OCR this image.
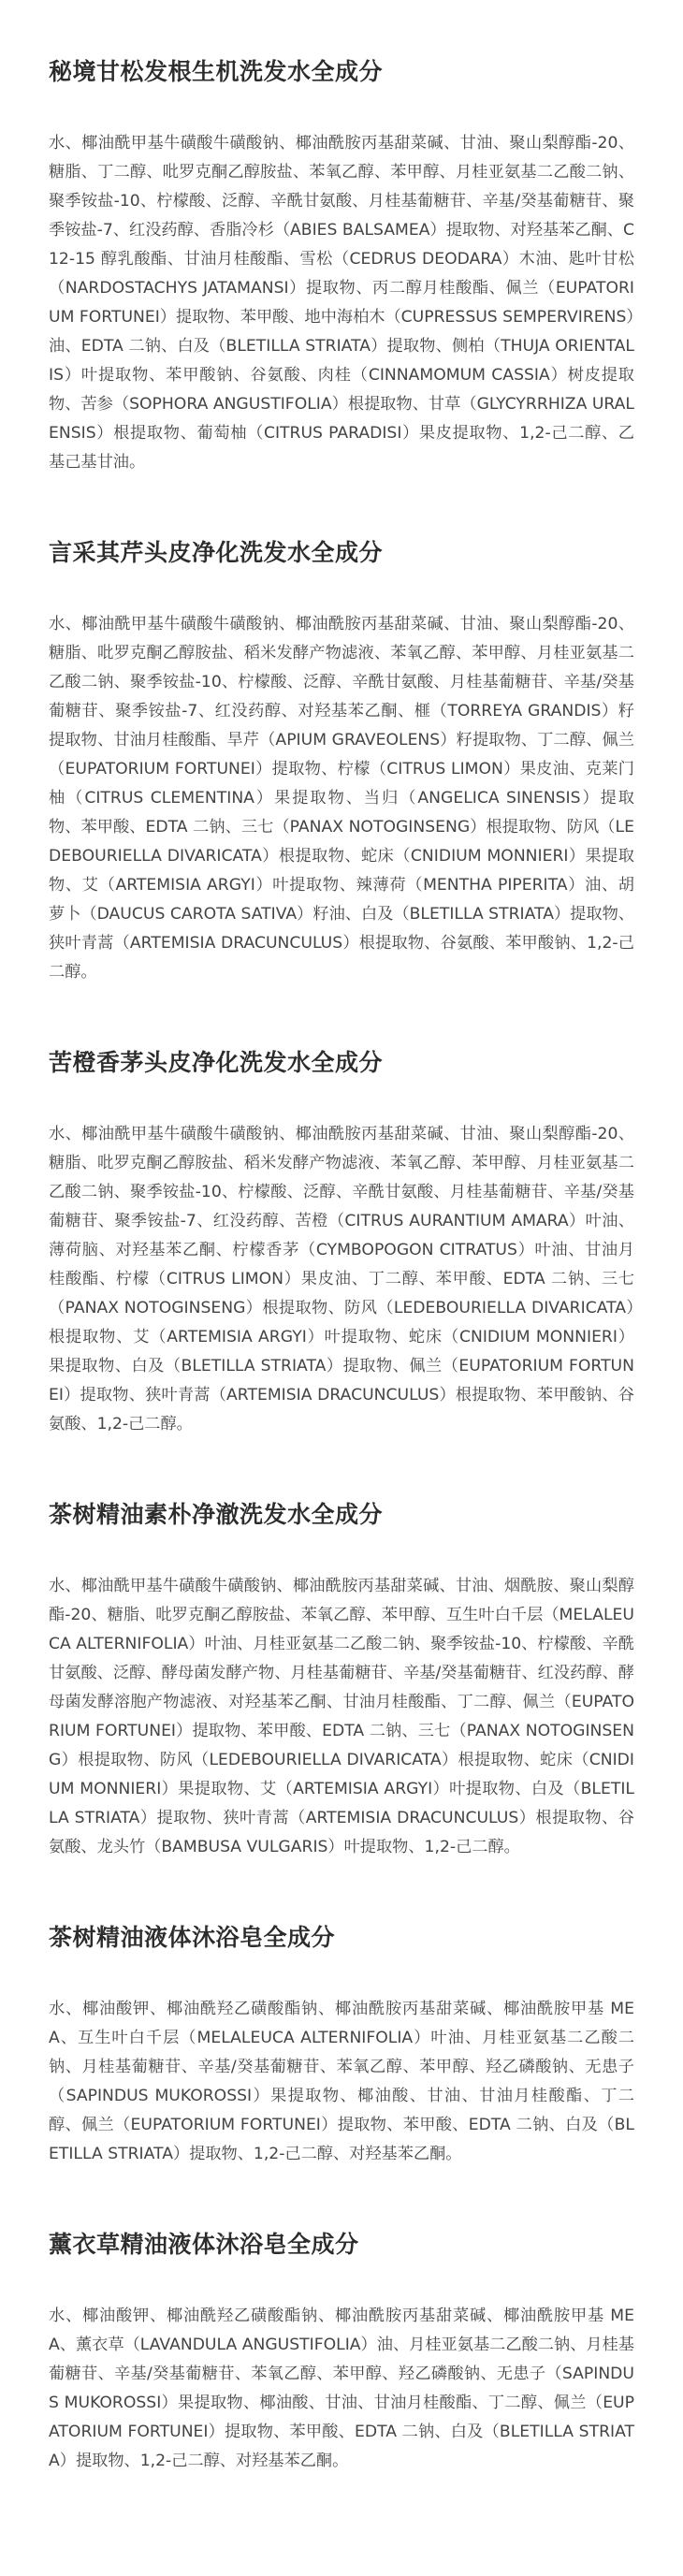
秘境甘松发根生机洗发水全成分

水、椰油酰甲基牛磺酸牛磺酸钠、椰油酰胺丙基甜菜碱、甘油、聚山梨醇酯-20、糖脂、丁二醇、吡罗克酮乙醇胺盐、苯氧乙醇、苯甲醇、月桂亚氨基二乙酸二钠、聚季铵盐-10、柠檬酸、泛醇、辛酰甘氨酸、月桂基葡糖苷、辛基/癸基葡糖苷、聚季铵盐-7、红没药醇、香脂冷杉（ABIES BALSAMEA）提取物、对羟基苯乙酮、C12-15 醇乳酸酯、甘油月桂酸酯、雪松（CEDRUS DEODARA）木油、匙叶甘松（NARDOSTACHYS JATAMANSI）提取物、丙二醇月桂酸酯、佩兰（EUPATORIUM FORTUNEI）提取物、苯甲酸、地中海柏木（CUPRESSUS SEMPERVIRENS）油、EDTA 二钠、白及（BLETILLA STRIATA）提取物、侧柏（THUJA ORIENTALIS）叶提取物、苯甲酸钠、谷氨酸、肉桂（CINNAMOMUM CASSIA）树皮提取物、苦参（SOPHORA ANGUSTIFOLIA）根提取物、甘草（GLYCYRRHIZA URALENSIS）根提取物、葡萄柚（CITRUS PARADISI）果皮提取物、1,2-己二醇、乙基己基甘油。

言采其芹头皮净化洗发水全成分

水、椰油酰甲基牛磺酸牛磺酸钠、椰油酰胺丙基甜菜碱、甘油、聚山梨醇酯-20、糖脂、吡罗克酮乙醇胺盐、稻米发酵产物滤液、苯氧乙醇、苯甲醇、月桂亚氨基二乙酸二钠、聚季铵盐-10、柠檬酸、泛醇、辛酰甘氨酸、月桂基葡糖苷、辛基/癸基葡糖苷、聚季铵盐-7、红没药醇、对羟基苯乙酮、榧（TORREYA GRANDIS）籽提取物、甘油月桂酸酯、旱芹（APIUM GRAVEOLENS）籽提取物、丁二醇、佩兰（EUPATORIUM FORTUNEI）提取物、柠檬（CITRUS LIMON）果皮油、克莱门柚（CITRUS CLEMENTINA）果提取物、当归（ANGELICA SINENSIS）提取物、苯甲酸、EDTA 二钠、三七（PANAX NOTOGINSENG）根提取物、防风（LEDEBOURIELLA DIVARICATA）根提取物、蛇床（CNIDIUM MONNIERI）果提取物、艾（ARTEMISIA ARGYI）叶提取物、辣薄荷（MENTHA PIPERITA）油、胡萝卜（DAUCUS CAROTA SATIVA）籽油、白及（BLETILLA STRIATA）提取物、狭叶青蒿（ARTEMISIA DRACUNCULUS）根提取物、谷氨酸、苯甲酸钠、1,2-己二醇。

苦橙香茅头皮净化洗发水全成分

水、椰油酰甲基牛磺酸牛磺酸钠、椰油酰胺丙基甜菜碱、甘油、聚山梨醇酯-20、糖脂、吡罗克酮乙醇胺盐、稻米发酵产物滤液、苯氧乙醇、苯甲醇、月桂亚氨基二乙酸二钠、聚季铵盐-10、柠檬酸、泛醇、辛酰甘氨酸、月桂基葡糖苷、辛基/癸基葡糖苷、聚季铵盐-7、红没药醇、苦橙（CITRUS AURANTIUM AMARA）叶油、薄荷脑、对羟基苯乙酮、柠檬香茅（CYMBOPOGON CITRATUS）叶油、甘油月桂酸酯、柠檬（CITRUS LIMON）果皮油、丁二醇、苯甲酸、EDTA 二钠、三七（PANAX NOTOGINSENG）根提取物、防风（LEDEBOURIELLA DIVARICATA）根提取物、艾（ARTEMISIA ARGYI）叶提取物、蛇床（CNIDIUM MONNIERI）果提取物、白及（BLETILLA STRIATA）提取物、佩兰（EUPATORIUM FORTUNEI）提取物、狭叶青蒿（ARTEMISIA DRACUNCULUS）根提取物、苯甲酸钠、谷氨酸、1,2-己二醇。

茶树精油素朴净澈洗发水全成分

水、椰油酰甲基牛磺酸牛磺酸钠、椰油酰胺丙基甜菜碱、甘油、烟酰胺、聚山梨醇酯-20、糖脂、吡罗克酮乙醇胺盐、苯氧乙醇、苯甲醇、互生叶白千层（MELALEUCA ALTERNIFOLIA）叶油、月桂亚氨基二乙酸二钠、聚季铵盐-10、柠檬酸、辛酰甘氨酸、泛醇、酵母菌发酵产物、月桂基葡糖苷、辛基/癸基葡糖苷、红没药醇、酵母菌发酵溶胞产物滤液、对羟基苯乙酮、甘油月桂酸酯、丁二醇、佩兰（EUPATORIUM FORTUNEI）提取物、苯甲酸、EDTA 二钠、三七（PANAX NOTOGINSENG）根提取物、防风（LEDEBOURIELLA DIVARICATA）根提取物、蛇床（CNIDIUM MONNIERI）果提取物、艾（ARTEMISIA ARGYI）叶提取物、白及（BLETILLA STRIATA）提取物、狭叶青蒿（ARTEMISIA DRACUNCULUS）根提取物、谷氨酸、龙头竹（BAMBUSA VULGARIS）叶提取物、1,2-己二醇。

茶树精油液体沐浴皂全成分

水、椰油酸钾、椰油酰羟乙磺酸酯钠、椰油酰胺丙基甜菜碱、椰油酰胺甲基 MEA、互生叶白千层（MELALEUCA ALTERNIFOLIA）叶油、月桂亚氨基二乙酸二钠、月桂基葡糖苷、辛基/癸基葡糖苷、苯氧乙醇、苯甲醇、羟乙磷酸钠、无患子（SAPINDUS MUKOROSSI）果提取物、椰油酸、甘油、甘油月桂酸酯、丁二醇、佩兰（EUPATORIUM FORTUNEI）提取物、苯甲酸、EDTA 二钠、白及（BLETILLA STRIATA）提取物、1,2-己二醇、对羟基苯乙酮。

薰衣草精油液体沐浴皂全成分

水、椰油酸钾、椰油酰羟乙磺酸酯钠、椰油酰胺丙基甜菜碱、椰油酰胺甲基 MEA、薰衣草（LAVANDULA ANGUSTIFOLIA）油、月桂亚氨基二乙酸二钠、月桂基葡糖苷、辛基/癸基葡糖苷、苯氧乙醇、苯甲醇、羟乙磷酸钠、无患子（SAPINDUS MUKOROSSI）果提取物、椰油酸、甘油、甘油月桂酸酯、丁二醇、佩兰（EUPATORIUM FORTUNEI）提取物、苯甲酸、EDTA 二钠、白及（BLETILLA STRIATA）提取物、1,2-己二醇、对羟基苯乙酮。
